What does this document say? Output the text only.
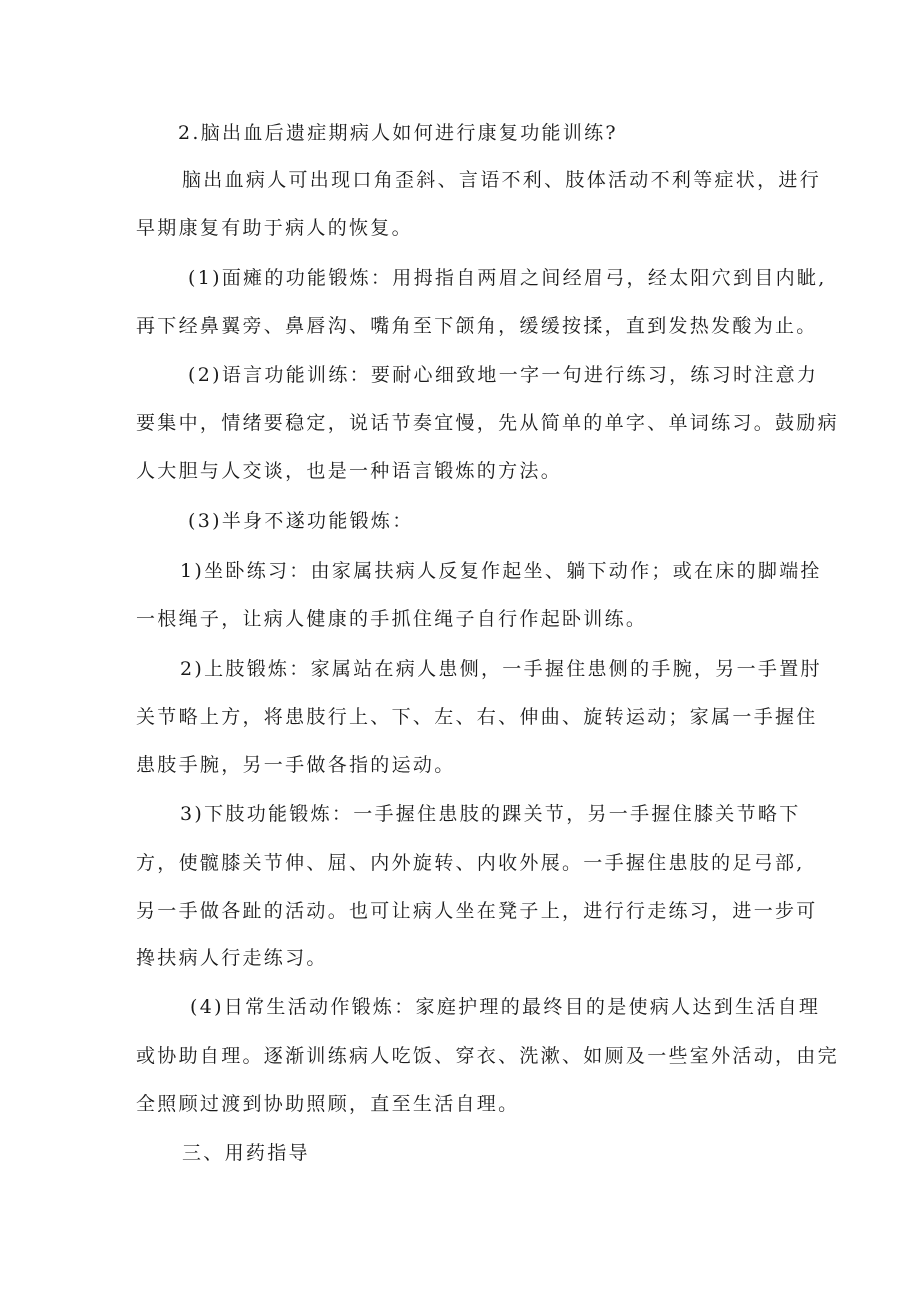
2.脑出血后遗症期病人如何进行康复功能训练?
脑出血病人可出现口角歪斜、言语不利、肢体活动不利等症状，进行
早期康复有助于病人的恢复。
(1)面瘫的功能锻炼：用拇指自两眉之间经眉弓，经太阳穴到目内眦,
再下经鼻翼旁、鼻唇沟、嘴角至下颌角，缓缓按揉，直到发热发酸为止。
(2)语言功能训练：要耐心细致地一字一句进行练习，练习时注意力
要集中，情绪要稳定，说话节奏宜慢，先从简单的单字、单词练习。鼓励病
人大胆与人交谈，也是一种语言锻炼的方法。
(3)半身不遂功能锻炼：
1)坐卧练习：由家属扶病人反复作起坐、躺下动作；或在床的脚端拴
一根绳子，让病人健康的手抓住绳子自行作起卧训练。
2)上肢锻炼：家属站在病人患侧，一手握住患侧的手腕，另一手置肘
关节略上方，将患肢行上、下、左、右、伸曲、旋转运动；家属一手握住
患肢手腕，另一手做各指的运动。
3)下肢功能锻炼：一手握住患肢的踝关节，另一手握住膝关节略下
方，使髋膝关节伸、屈、内外旋转、内收外展。一手握住患肢的足弓部,
另一手做各趾的活动。也可让病人坐在凳子上，进行行走练习，进一步可
搀扶病人行走练习。
(4)日常生活动作锻炼：家庭护理的最终目的是使病人达到生活自理
或协助自理。逐渐训练病人吃饭、穿衣、洗漱、如厕及一些室外活动，由完
全照顾过渡到协助照顾，直至生活自理。
三、用药指导
